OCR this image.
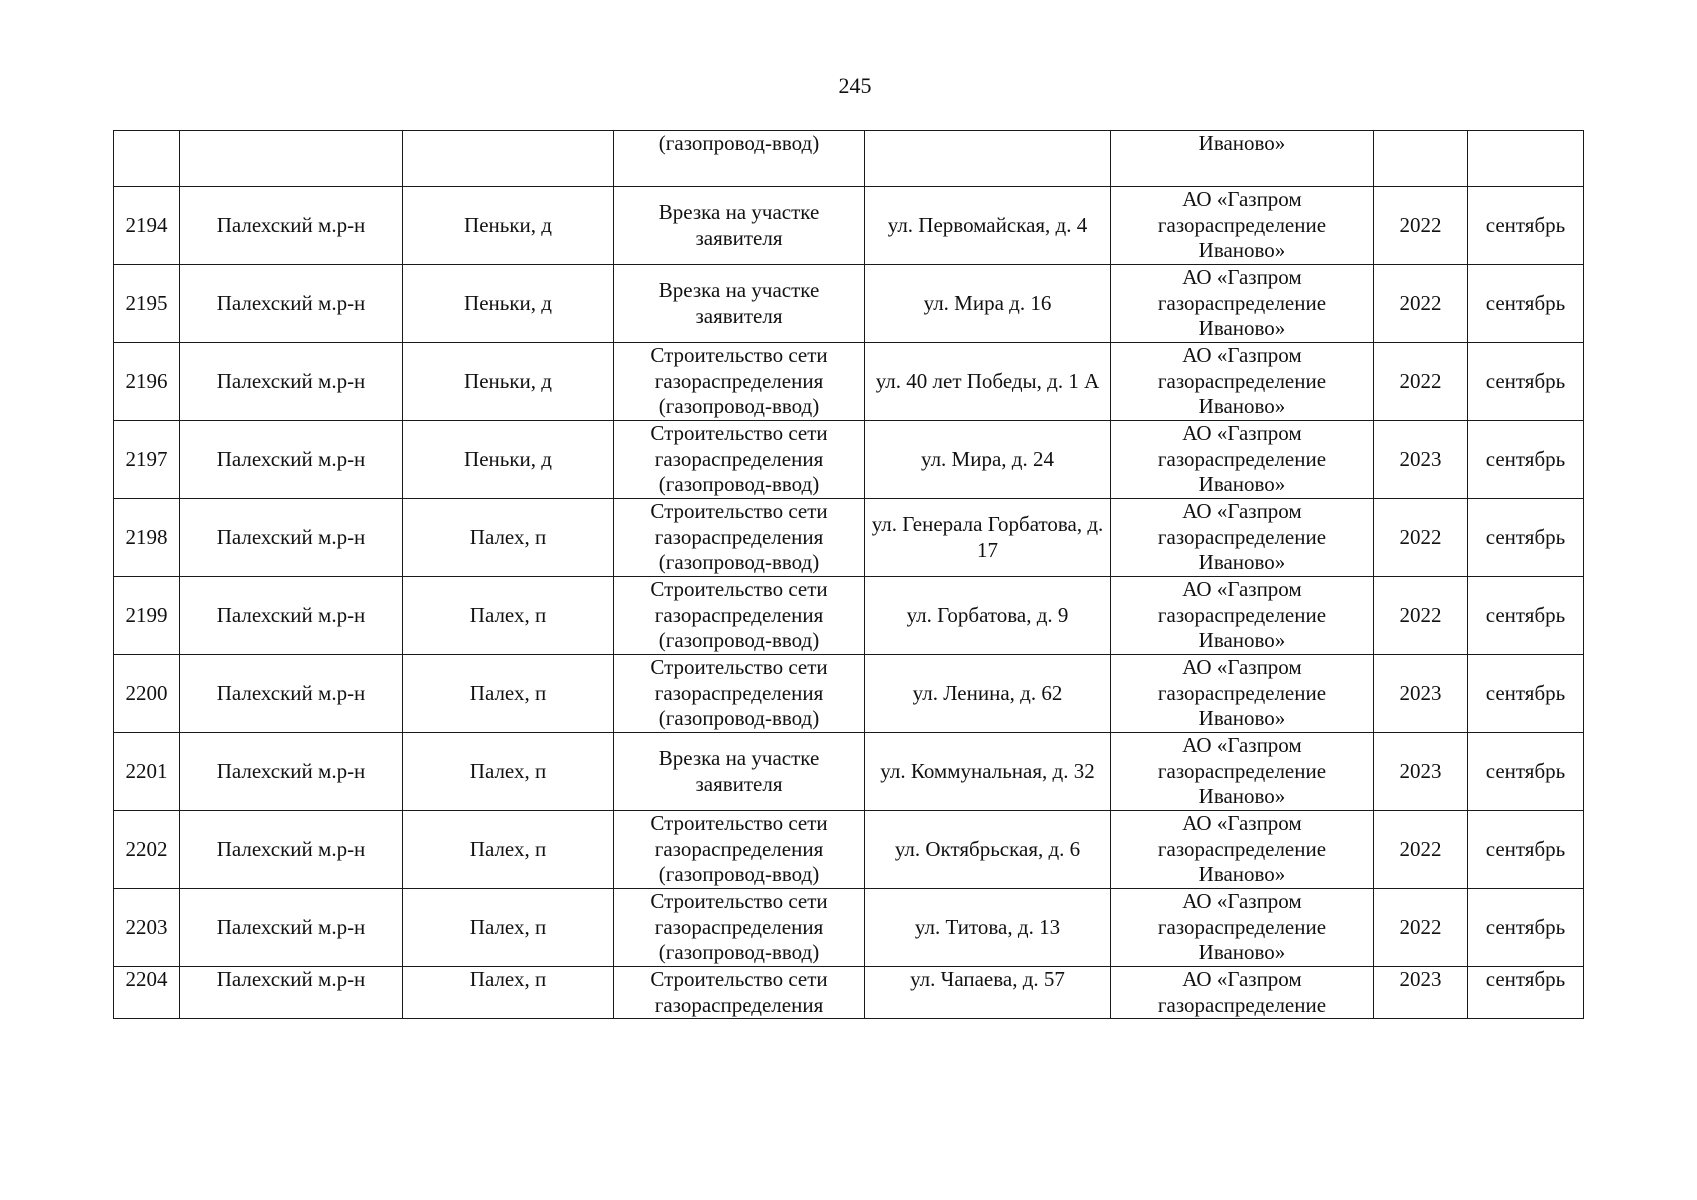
245
			(газопровод-ввод)		Иваново»		
2194	Палехский м.р-н	Пеньки, д	Врезка на участке заявителя	ул. Первомайская, д. 4	АО «Газпром газораспределение Иваново»	2022	сентябрь
2195	Палехский м.р-н	Пеньки, д	Врезка на участке заявителя	ул. Мира д. 16	АО «Газпром газораспределение Иваново»	2022	сентябрь
2196	Палехский м.р-н	Пеньки, д	Строительство сети газораспределения (газопровод-ввод)	ул. 40 лет Победы, д. 1 А	АО «Газпром газораспределение Иваново»	2022	сентябрь
2197	Палехский м.р-н	Пеньки, д	Строительство сети газораспределения (газопровод-ввод)	ул. Мира, д. 24	АО «Газпром газораспределение Иваново»	2023	сентябрь
2198	Палехский м.р-н	Палех, п	Строительство сети газораспределения (газопровод-ввод)	ул. Генерала Горбатова, д. 17	АО «Газпром газораспределение Иваново»	2022	сентябрь
2199	Палехский м.р-н	Палех, п	Строительство сети газораспределения (газопровод-ввод)	ул. Горбатова, д. 9	АО «Газпром газораспределение Иваново»	2022	сентябрь
2200	Палехский м.р-н	Палех, п	Строительство сети газораспределения (газопровод-ввод)	ул. Ленина, д. 62	АО «Газпром газораспределение Иваново»	2023	сентябрь
2201	Палехский м.р-н	Палех, п	Врезка на участке заявителя	ул. Коммунальная, д. 32	АО «Газпром газораспределение Иваново»	2023	сентябрь
2202	Палехский м.р-н	Палех, п	Строительство сети газораспределения (газопровод-ввод)	ул. Октябрьская, д. 6	АО «Газпром газораспределение Иваново»	2022	сентябрь
2203	Палехский м.р-н	Палех, п	Строительство сети газораспределения (газопровод-ввод)	ул. Титова, д. 13	АО «Газпром газораспределение Иваново»	2022	сентябрь
2204	Палехский м.р-н	Палех, п	Строительство сети газораспределения	ул. Чапаева, д. 57	АО «Газпром газораспределение	2023	сентябрь
